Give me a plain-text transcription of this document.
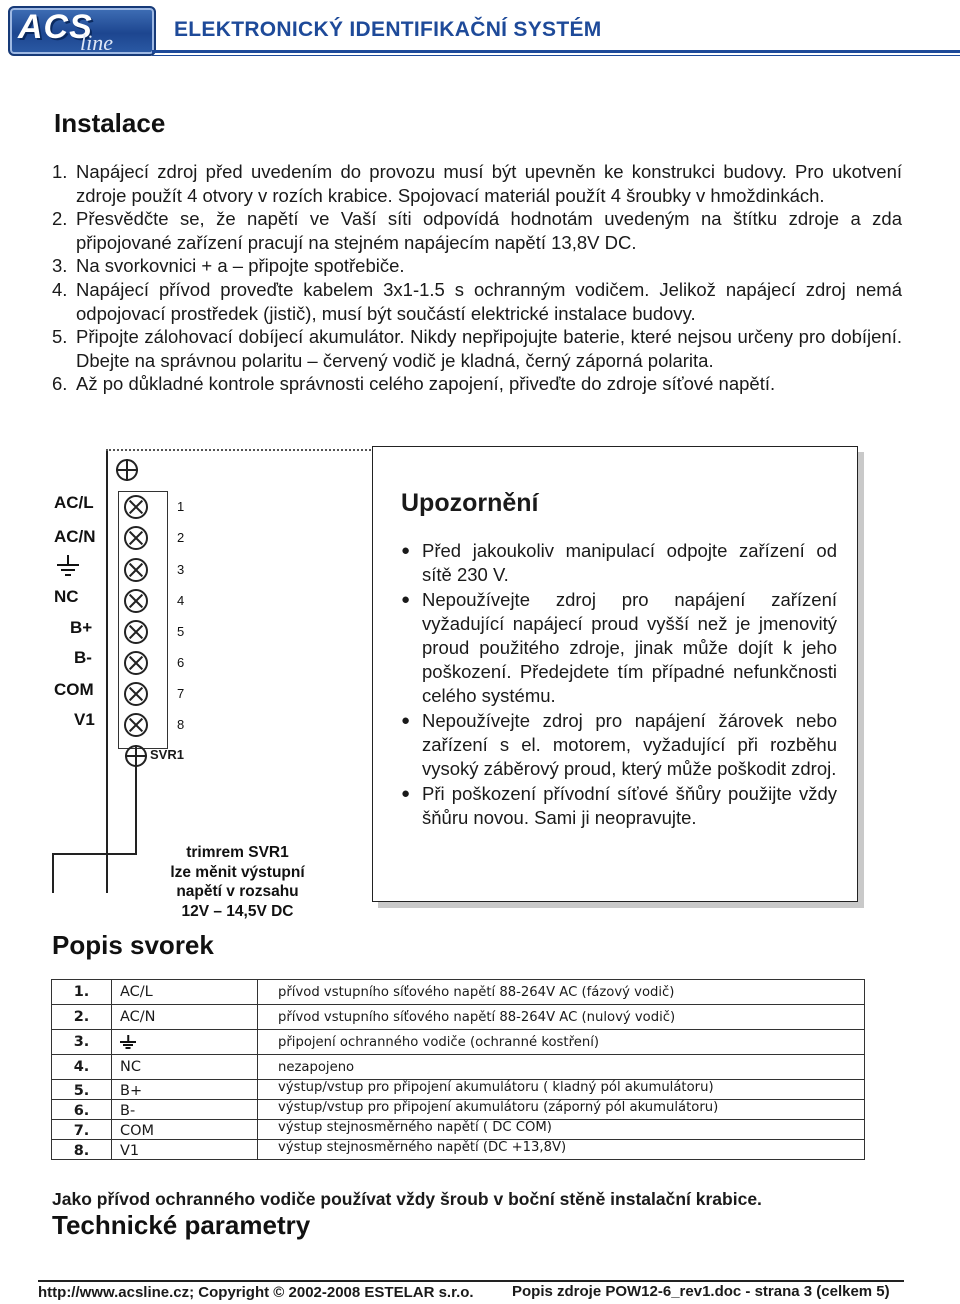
ACS
line
ELEKTRONICKÝ IDENTIFIKAČNÍ SYSTÉM
Instalace
1. Napájecí zdroj před uvedením do provozu musí být upevněn ke konstrukci budovy. Pro ukotvení zdroje použít 4 otvory v rozích krabice. Spojovací materiál použít 4 šroubky v hmoždinkách.
2. Přesvědčte se, že napětí ve Vaší síti odpovídá hodnotám uvedeným na štítku zdroje a zda připojované zařízení pracují na stejném napájecím napětí 13,8V DC.
3. Na svorkovnici + a – připojte spotřebiče.
4. Napájecí přívod proveďte kabelem 3x1-1.5 s ochranným vodičem. Jelikož napájecí zdroj nemá odpojovací prostředek (jistič), musí být součástí elektrické instalace budovy.
5. Připojte zálohovací dobíjecí akumulátor. Nikdy nepřipojujte baterie, které nejsou určeny pro dobíjení. Dbejte na správnou polaritu – červený vodič je kladná, černý záporná polarita.
6. Až po důkladné kontrole správnosti celého zapojení, přiveďte do zdroje síťové napětí.
AC/L
AC/N
NC
B+
B-
COM
V1
1
2
3
4
5
6
7
8
SVR1
trimrem SVR1
lze měnit výstupní
napětí v rozsahu
12V – 14,5V DC
Upozornění
● Před jakoukoliv manipulací odpojte zařízení od sítě 230 V.
● Nepoužívejte zdroj pro napájení zařízení vyžadující napájecí proud vyšší než je jmenovitý proud použitého zdroje, jinak může dojít k jeho poškození. Předejdete tím případné nefunkčnosti celého systému.
● Nepoužívejte zdroj pro napájení žárovek nebo zařízení s el. motorem, vyžadující při rozběhu vysoký záběrový proud, který může poškodit zdroj.
● Při poškození přívodní síťové šňůry použijte vždy šňůru novou. Sami ji neopravujte.
Popis svorek
1.	AC/L	přívod vstupního síťového napětí 88-264V AC (fázový vodič)
2.	AC/N	přívod vstupního síťového napětí 88-264V AC (nulový vodič)
3.		připojení ochranného vodiče (ochranné kostření)
4.	NC	nezapojeno
5.	B+	výstup/vstup pro připojení akumulátoru ( kladný pól akumulátoru)
6.	B-	výstup/vstup pro připojení akumulátoru (záporný pól akumulátoru)
7.	COM	výstup stejnosměrného napětí ( DC COM)
8.	V1	výstup stejnosměrného napětí (DC +13,8V)
Jako přívod ochranného vodiče používat vždy šroub v boční stěně instalační krabice.
Technické parametry
http://www.acsline.cz; Copyright © 2002-2008 ESTELAR s.r.o.	Popis zdroje POW12-6_rev1.doc - strana 3 (celkem 5)
